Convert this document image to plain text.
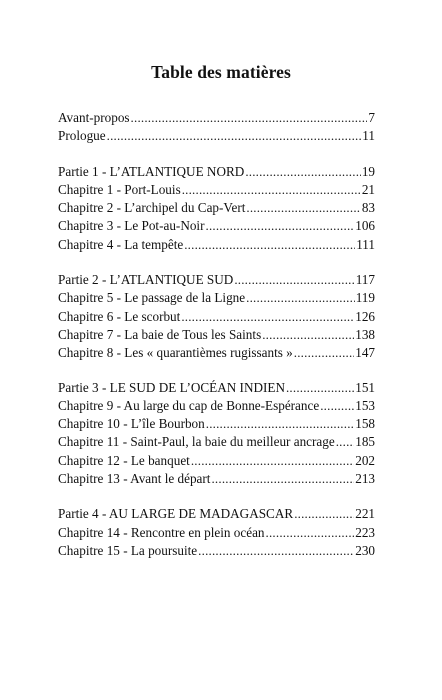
Table des matières
Avant-propos .....	7
Prologue .....	11
Partie 1 - L’ATLANTIQUE NORD .....	19
Chapitre 1 - Port-Louis .....	21
Chapitre 2 - L’archipel du Cap-Vert .....	83
Chapitre 3 - Le Pot-au-Noir .....	106
Chapitre 4 - La tempête .....	111
Partie 2 - L’ATLANTIQUE SUD .....	117
Chapitre 5 - Le passage de la Ligne .....	119
Chapitre 6 - Le scorbut .....	126
Chapitre 7 - La baie de Tous les Saints .....	138
Chapitre 8 - Les « quarantièmes rugissants » .....	147
Partie 3 - LE SUD DE L’OCÉAN INDIEN .....	151
Chapitre 9 - Au large du cap de Bonne-Espérance .....	153
Chapitre 10 - L’île Bourbon .....	158
Chapitre 11 - Saint-Paul, la baie du meilleur ancrage ..... 185
Chapitre 12 - Le banquet .....	202
Chapitre 13 - Avant le départ .....	213
Partie 4 - AU LARGE DE MADAGASCAR .....	221
Chapitre 14 - Rencontre en plein océan .....	223
Chapitre 15 - La poursuite .....	230
